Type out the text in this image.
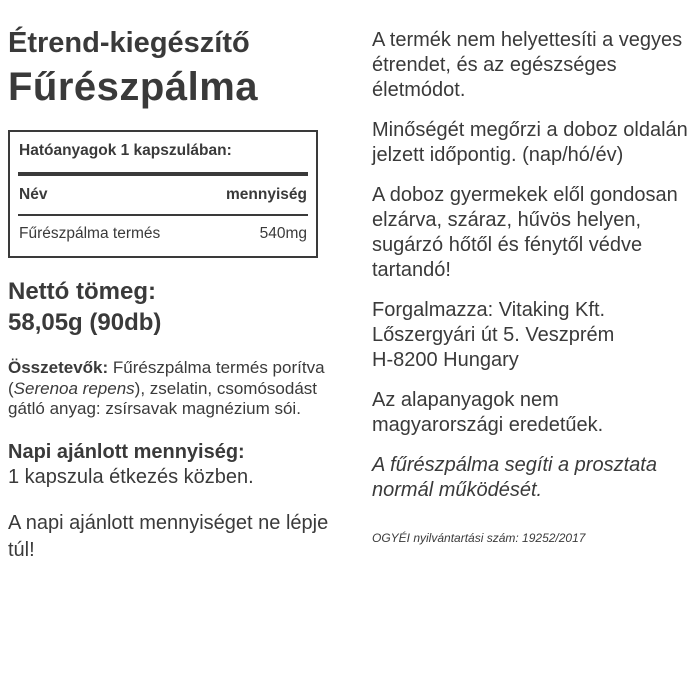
Étrend-kiegészítő
Fűrészpálma
Hatóanyagok 1 kapszulában:
Név	mennyiség
Fűrészpálma termés	540mg
Nettó tömeg:
58,05g (90db)

Összetevők: Fűrészpálma termés porítva (Serenoa repens), zselatin, csomósodást gátló anyag: zsírsavak magnézium sói.

Napi ajánlott mennyiség:
1 kapszula étkezés közben.

A napi ajánlott mennyiséget ne lépje túl!

A termék nem helyettesíti a vegyes étrendet, és az egészséges életmódot.

Minőségét megőrzi a doboz oldalán jelzett időpontig. (nap/hó/év)

A doboz gyermekek elől gondosan elzárva, száraz, hűvös helyen, sugárzó hőtől és fénytől védve tartandó!

Forgalmazza: Vitaking Kft.
Lőszergyári út 5. Veszprém
H-8200 Hungary

Az alapanyagok nem magyarországi eredetűek.

A fűrészpálma segíti a prosztata normál működését.

OGYÉI nyilvántartási szám: 19252/2017
